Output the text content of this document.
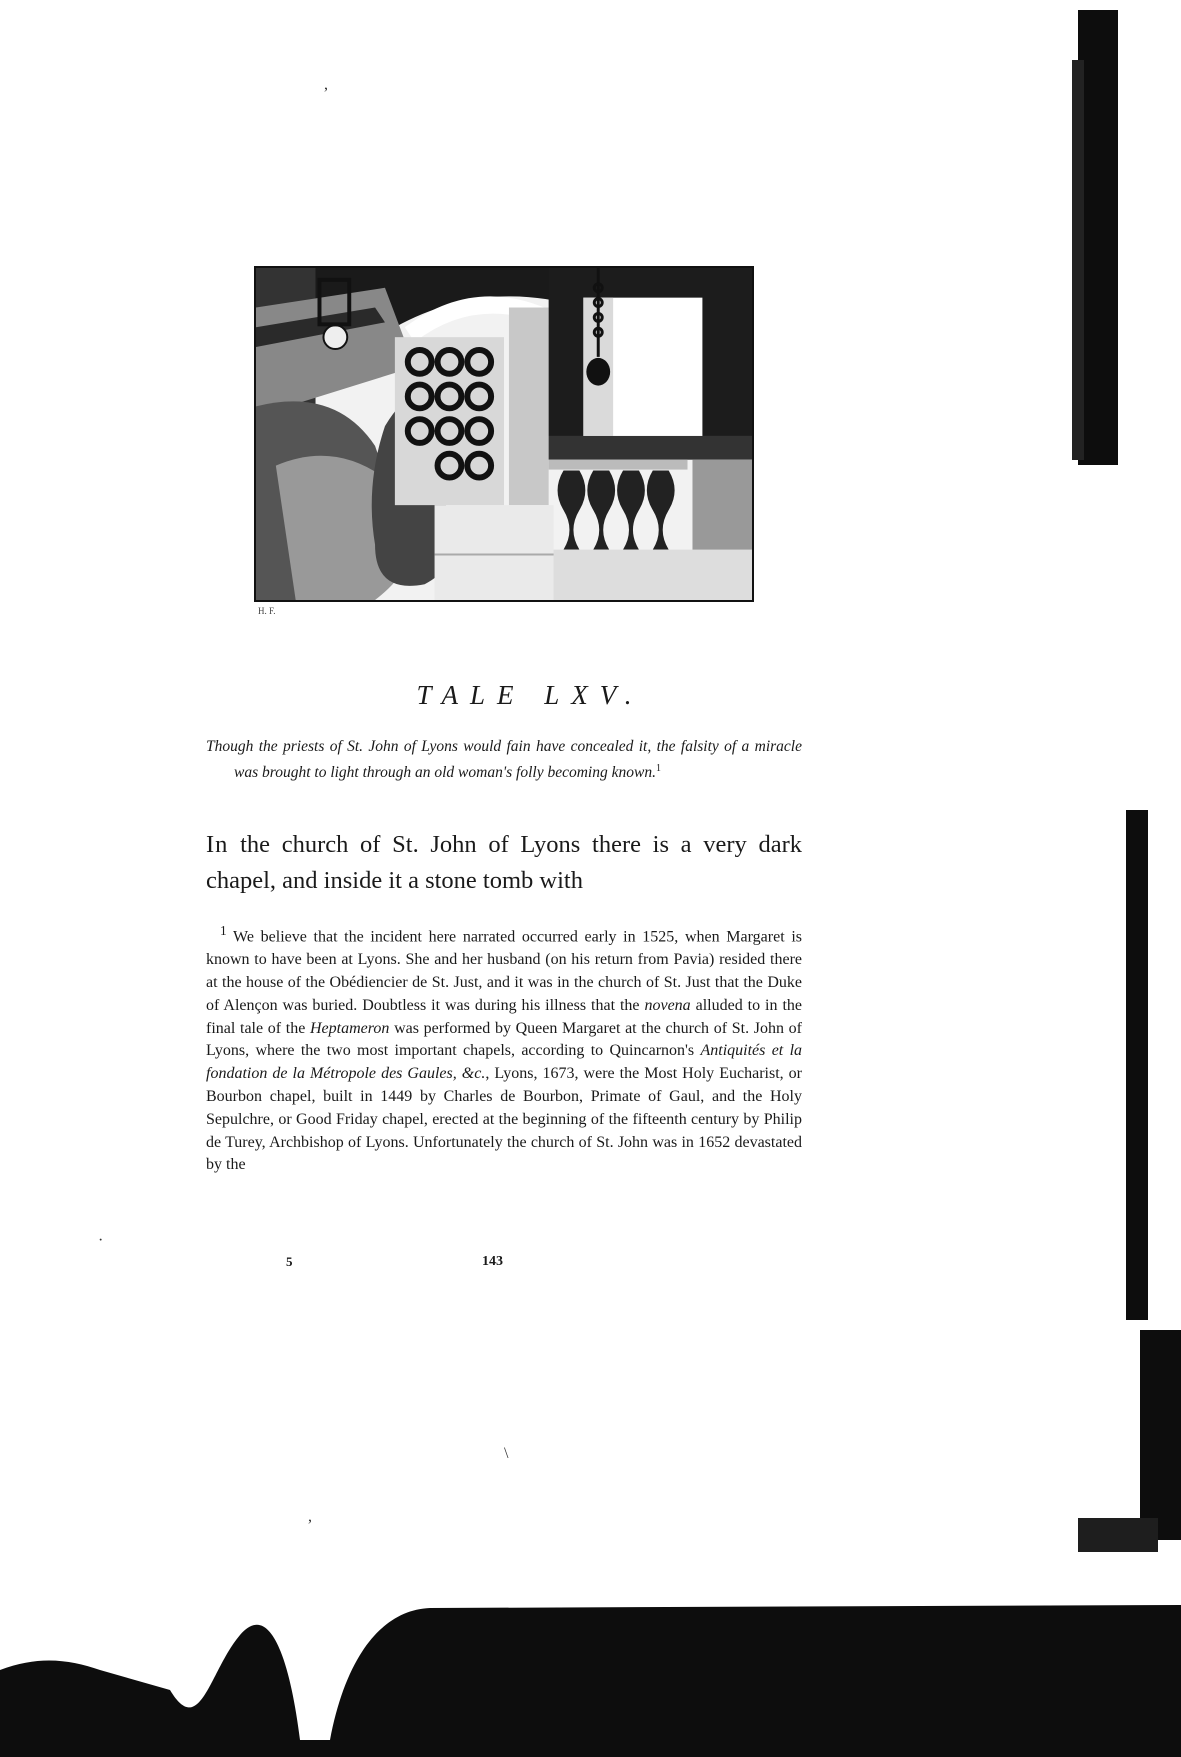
H. F.
TALE LXV.

Though the priests of St. John of Lyons would fain have concealed it, the falsity of a miracle was brought to light through an old woman's folly becoming known.$^1$

In the church of St. John of Lyons there is a very dark chapel, and inside it a stone tomb with

$^1$ We believe that the incident here narrated occurred early in 1525, when Margaret is known to have been at Lyons. She and her husband (on his return from Pavia) resided there at the house of the Obédiencier de St. Just, and it was in the church of St. Just that the Duke of Alençon was buried. Doubtless it was during his illness that the novena alluded to in the final tale of the Heptameron was performed by Queen Margaret at the church of St. John of Lyons, where the two most important chapels, according to Quincarnon's Antiquités et la fondation de la Métropole des Gaules, &c., Lyons, 1673, were the Most Holy Eucharist, or Bourbon chapel, built in 1449 by Charles de Bourbon, Primate of Gaul, and the Holy Sepulchre, or Good Friday chapel, erected at the beginning of the fifteenth century by Philip de Turey, Archbishop of Lyons. Unfortunately the church of St. John was in 1652 devastated by the

5	143
,
\
,
·
